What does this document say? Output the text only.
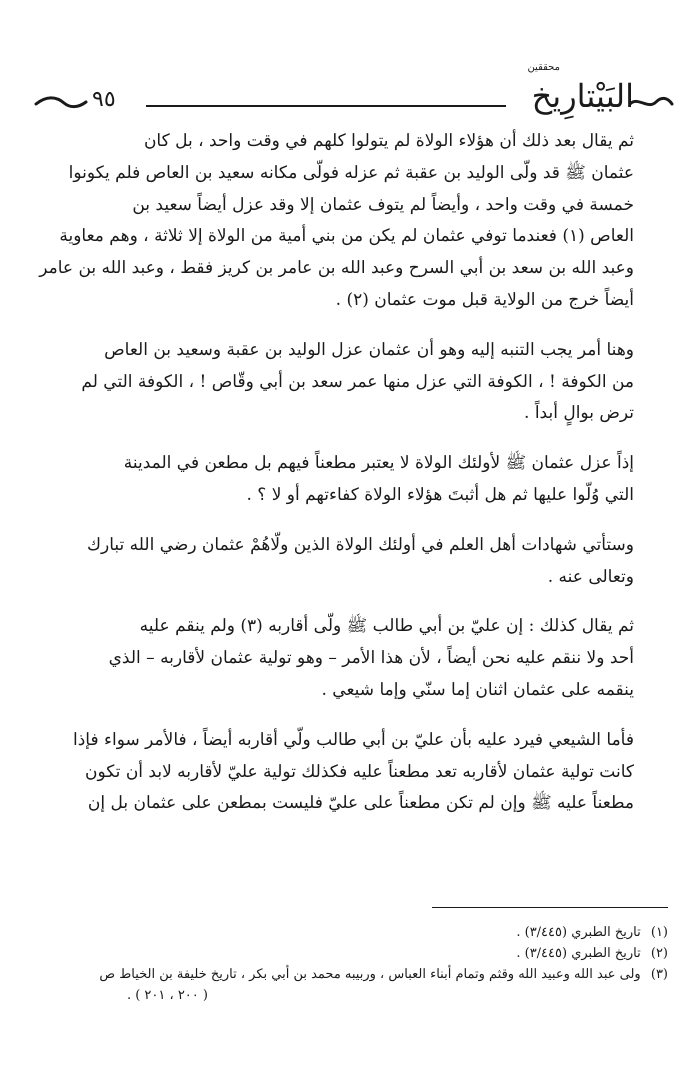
٩٥
محققين
البَيْتارِيخ

ثم يقال بعد ذلك أن هؤلاء الولاة لم يتولوا كلهم في وقت واحد ، بل كان
عثمان ﷺ قد ولّى الوليد بن عقبة ثم عزله فولّى مكانه سعيد بن العاص فلم يكونوا
خمسة في وقت واحد ، وأيضاً لم يتوف عثمان إلا وقد عزل أيضاً سعيد بن
العاص (١) فعندما توفي عثمان لم يكن من بني أمية من الولاة إلا ثلاثة ، وهم معاوية
وعبد الله بن سعد بن أبي السرح وعبد الله بن عامر بن كريز فقط ، وعبد الله بن عامر
أيضاً خرج من الولاية قبل موت عثمان (٢) .

وهنا أمر يجب التنبه إليه وهو أن عثمان عزل الوليد بن عقبة وسعيد بن العاص
من الكوفة ! ، الكوفة التي عزل منها عمر سعد بن أبي وقّاص ! ، الكوفة التي لم
ترض بوالٍ أبداً .

إذاً عزل عثمان ﷺ لأولئك الولاة لا يعتبر مطعناً فيهم بل مطعن في المدينة
التي وُلّوا عليها ثم هل أثبتَ هؤلاء الولاة كفاءتهم أو لا ؟ .

وستأتي شهادات أهل العلم في أولئك الولاة الذين ولّاهُمْ عثمان رضي الله تبارك
وتعالى عنه .

ثم يقال كذلك : إن عليّ بن أبي طالب ﷺ ولّى أقاربه (٣) ولم ينقم عليه
أحد ولا ننقم عليه نحن أيضاً ، لأن هذا الأمر – وهو تولية عثمان لأقاربه – الذي
ينقمه على عثمان اثنان إما سنّي وإما شيعي .

فأما الشيعي فيرد عليه بأن عليّ بن أبي طالب ولّي أقاربه أيضاً ، فالأمر سواء فإذا
كانت تولية عثمان لأقاربه تعد مطعناً عليه فكذلك تولية عليّ لأقاربه لابد أن تكون
مطعناً عليه ﷺ وإن لم تكن مطعناً على عليّ فليست بمطعن على عثمان بل إن

(١) تاريخ الطبري (٣/٤٤٥) .
(٢) تاريخ الطبري (٣/٤٤٥) .
(٣) ولى عبد الله وعبيد الله وقثم وتمام أبناء العباس ، وربيبه محمد بن أبي بكر ، تاريخ خليفة بن الخياط ص
( ٢٠٠ ، ٢٠١ ) .
